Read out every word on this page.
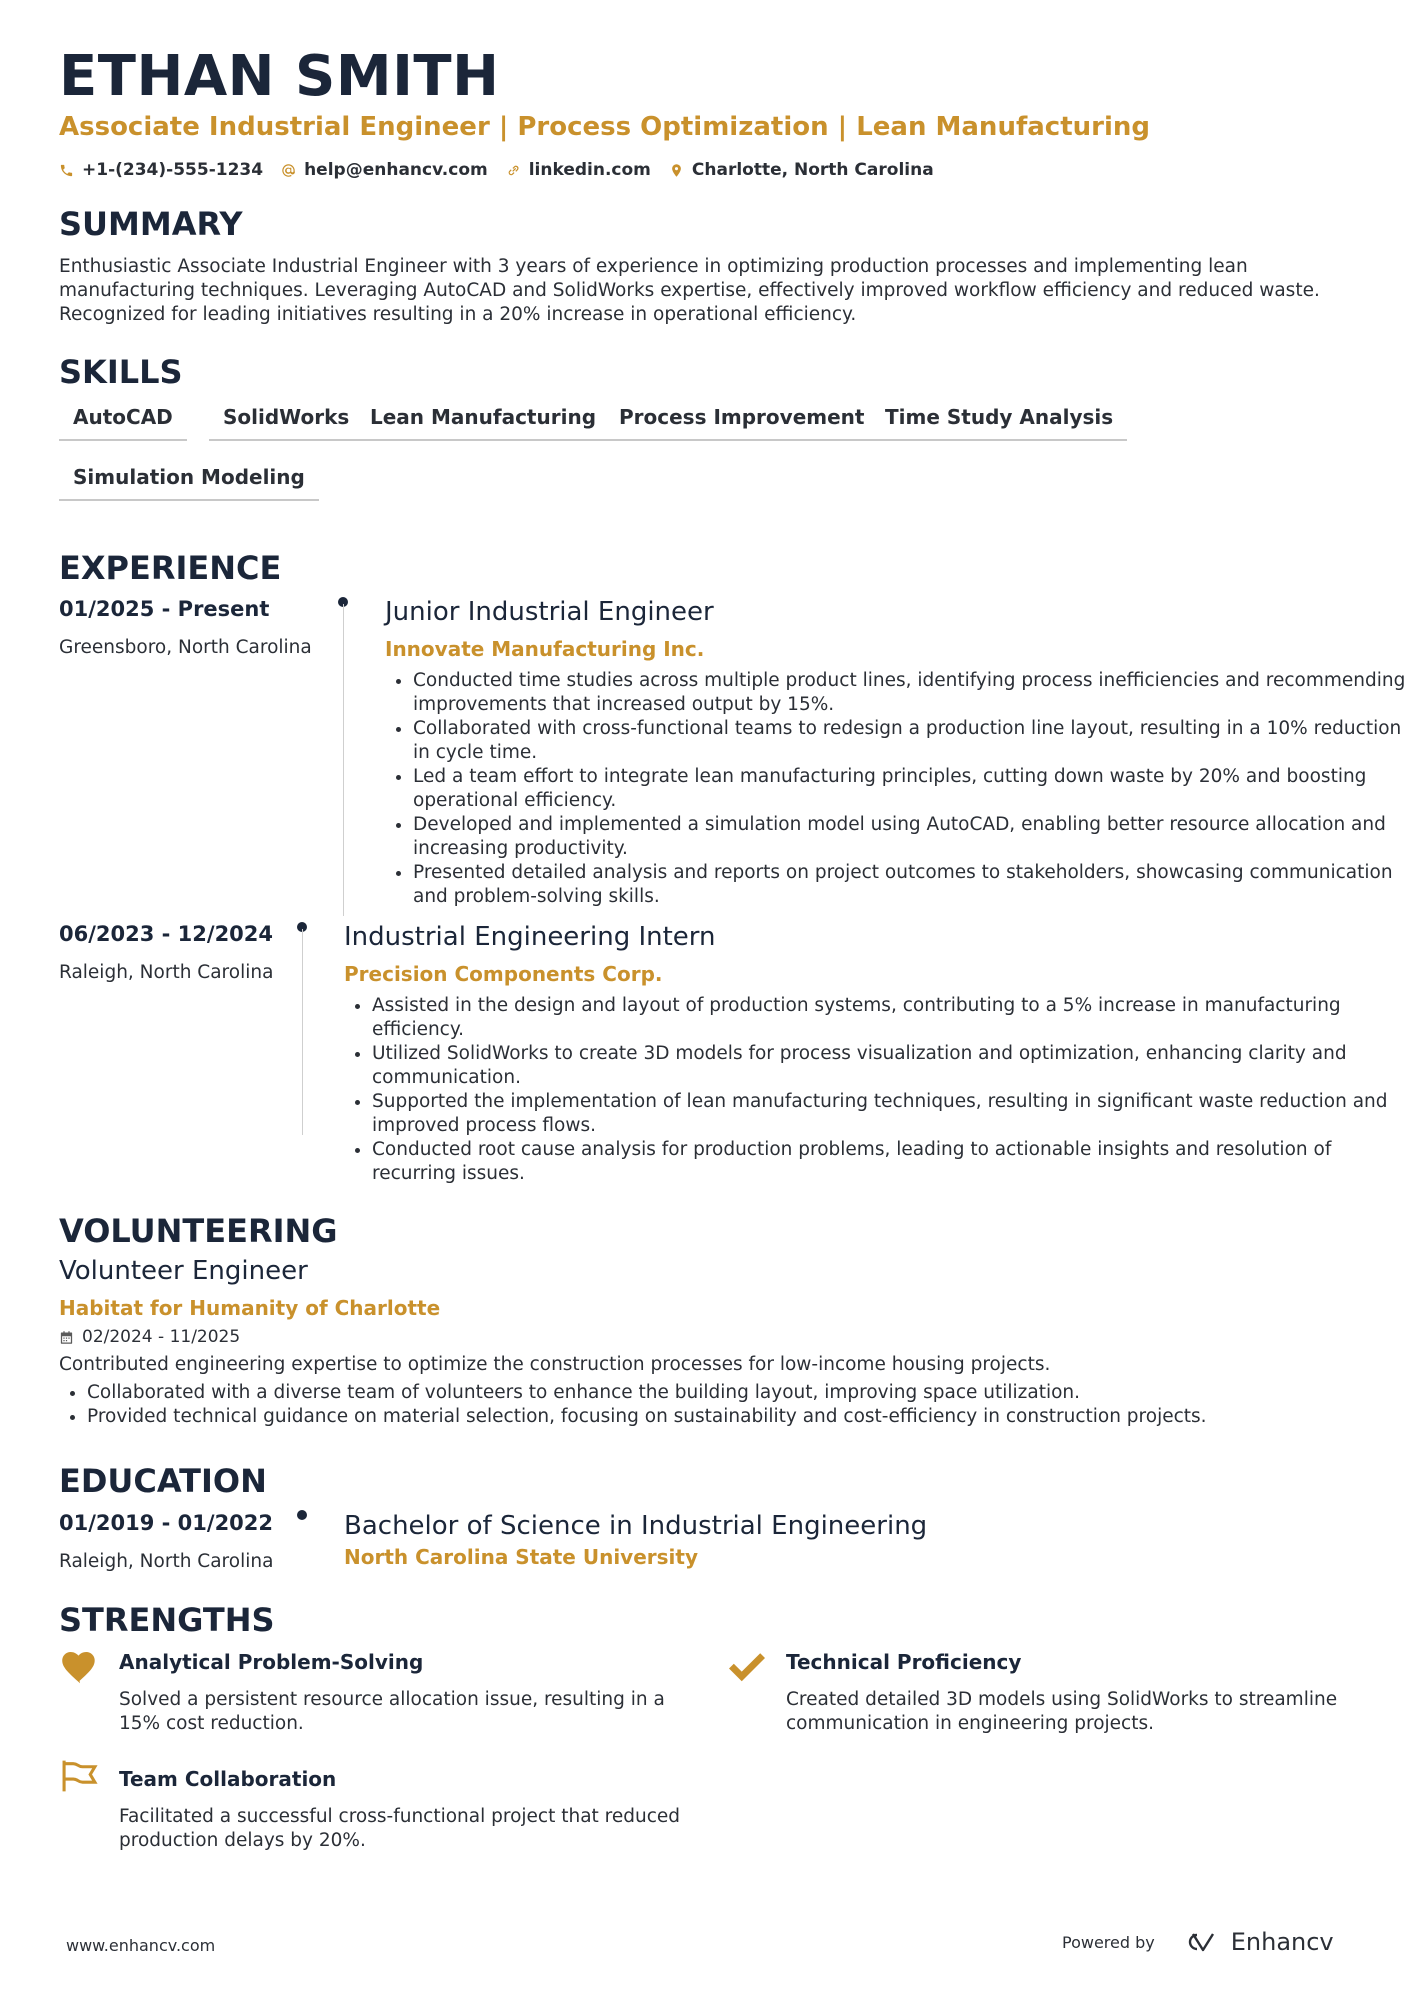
ETHAN SMITH
Associate Industrial Engineer | Process Optimization | Lean Manufacturing
+1-(234)-555-1234 help@enhancv.com linkedin.com Charlotte, North Carolina
SUMMARY
Enthusiastic Associate Industrial Engineer with 3 years of experience in optimizing production processes and implementing lean manufacturing techniques. Leveraging AutoCAD and SolidWorks expertise, effectively improved workflow efficiency and reduced waste. Recognized for leading initiatives resulting in a 20% increase in operational efficiency.
SKILLS
AutoCAD	SolidWorks	Lean Manufacturing	Process Improvement	Time Study Analysis
Simulation Modeling
EXPERIENCE
01/2025 - Present
Greensboro, North Carolina
Junior Industrial Engineer
Innovate Manufacturing Inc.
• Conducted time studies across multiple product lines, identifying process inefficiencies and recommending improvements that increased output by 15%.
• Collaborated with cross-functional teams to redesign a production line layout, resulting in a 10% reduction in cycle time.
• Led a team effort to integrate lean manufacturing principles, cutting down waste by 20% and boosting operational efficiency.
• Developed and implemented a simulation model using AutoCAD, enabling better resource allocation and increasing productivity.
• Presented detailed analysis and reports on project outcomes to stakeholders, showcasing communication and problem-solving skills.
06/2023 - 12/2024
Raleigh, North Carolina
Industrial Engineering Intern
Precision Components Corp.
• Assisted in the design and layout of production systems, contributing to a 5% increase in manufacturing efficiency.
• Utilized SolidWorks to create 3D models for process visualization and optimization, enhancing clarity and communication.
• Supported the implementation of lean manufacturing techniques, resulting in significant waste reduction and improved process flows.
• Conducted root cause analysis for production problems, leading to actionable insights and resolution of recurring issues.
VOLUNTEERING
Volunteer Engineer
Habitat for Humanity of Charlotte
02/2024 - 11/2025
Contributed engineering expertise to optimize the construction processes for low-income housing projects.
• Collaborated with a diverse team of volunteers to enhance the building layout, improving space utilization.
• Provided technical guidance on material selection, focusing on sustainability and cost-efficiency in construction projects.
EDUCATION
01/2019 - 01/2022
Raleigh, North Carolina
Bachelor of Science in Industrial Engineering
North Carolina State University
STRENGTHS
Analytical Problem-Solving
Solved a persistent resource allocation issue, resulting in a 15% cost reduction.
Technical Proficiency
Created detailed 3D models using SolidWorks to streamline communication in engineering projects.
Team Collaboration
Facilitated a successful cross-functional project that reduced production delays by 20%.
www.enhancv.com	Powered by	Enhancv
